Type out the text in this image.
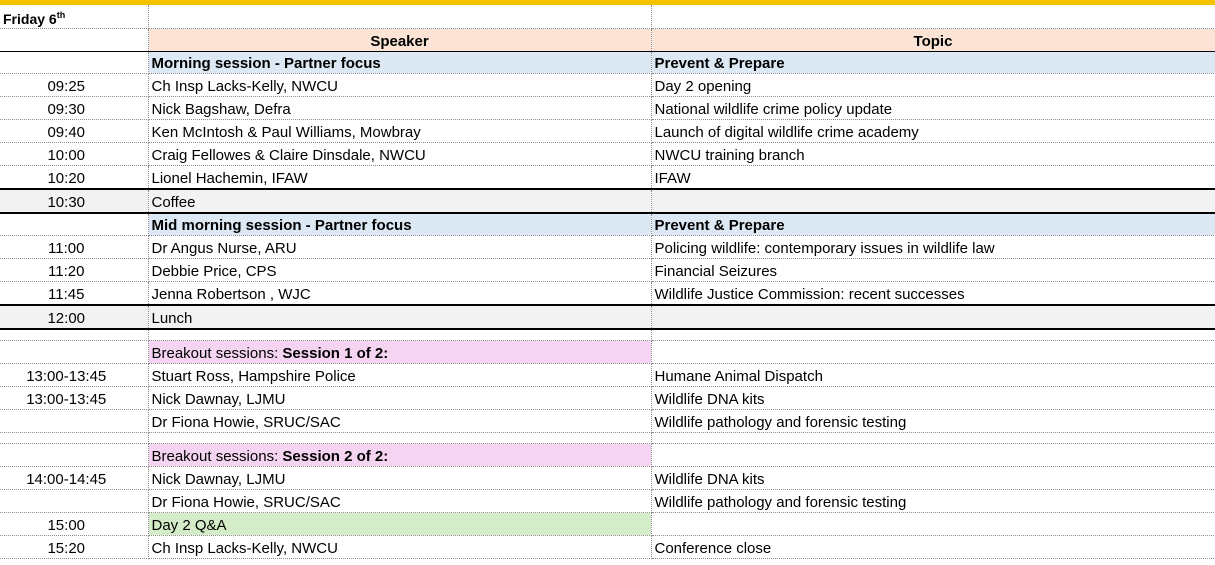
Friday 6th		
	Speaker	Topic
	Morning session - Partner focus	Prevent & Prepare
09:25	Ch Insp Lacks-Kelly, NWCU	Day 2 opening
09:30	Nick Bagshaw, Defra	National wildlife crime policy update
09:40	Ken McIntosh & Paul Williams, Mowbray	Launch of digital wildlife crime academy
10:00	Craig Fellowes & Claire Dinsdale, NWCU	NWCU training branch
10:20	Lionel Hachemin, IFAW	IFAW
10:30	Coffee	
	Mid morning session - Partner focus	Prevent & Prepare
11:00	Dr Angus Nurse, ARU	Policing wildlife: contemporary issues in wildlife law
11:20	Debbie Price, CPS	Financial Seizures
11:45	Jenna Robertson , WJC	Wildlife Justice Commission: recent successes
12:00	Lunch	

	Breakout sessions: Session 1 of 2:	
13:00-13:45	Stuart Ross, Hampshire Police	Humane Animal Dispatch
13:00-13:45	Nick Dawnay, LJMU	Wildlife DNA kits
	Dr Fiona Howie, SRUC/SAC	Wildlife pathology and forensic testing

	Breakout sessions: Session 2 of 2:	
14:00-14:45	Nick Dawnay, LJMU	Wildlife DNA kits
	Dr Fiona Howie, SRUC/SAC	Wildlife pathology and forensic testing
15:00	Day 2 Q&A	
15:20	Ch Insp Lacks-Kelly, NWCU	Conference close
